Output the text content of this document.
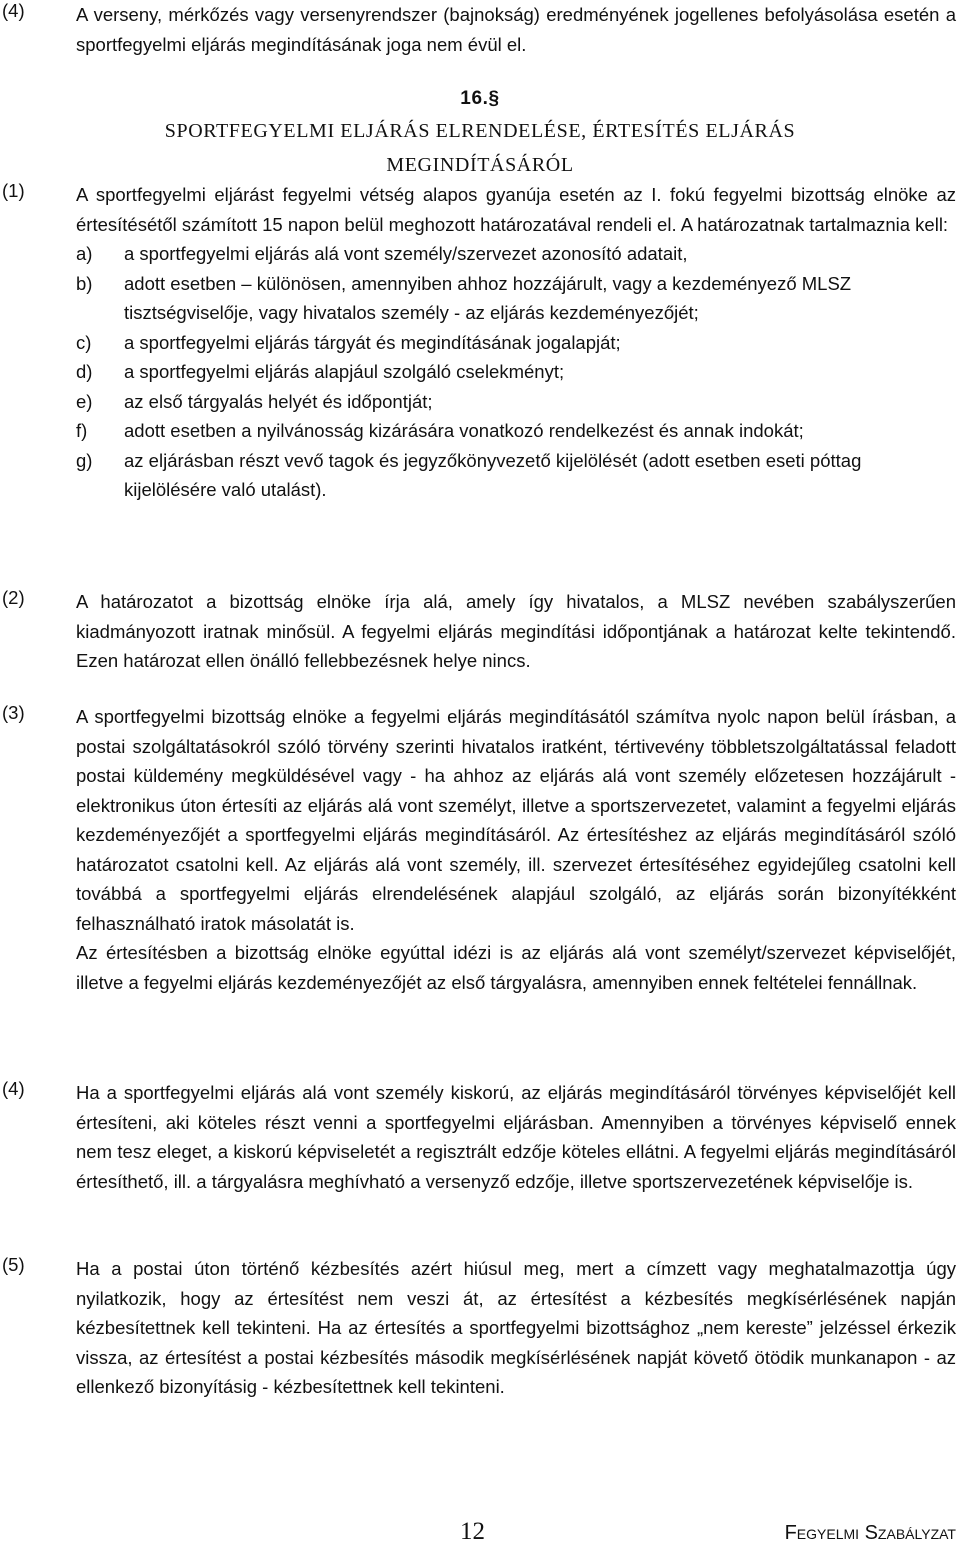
(4)	A verseny, mérkőzés vagy versenyrendszer (bajnokság) eredményének jogellenes befolyásolása esetén a sportfegyelmi eljárás megindításának joga nem évül el.

16.§
SPORTFEGYELMI ELJÁRÁS ELRENDELÉSE, ÉRTESÍTÉS ELJÁRÁS
MEGINDÍTÁSÁRÓL
(1)	A sportfegyelmi eljárást fegyelmi vétség alapos gyanúja esetén az I. fokú fegyelmi bizottság elnöke az értesítésétől számított 15 napon belül meghozott határozatával rendeli el. A határozatnak tartalmaznia kell:

a) a sportfegyelmi eljárás alá vont személy/szervezet azonosító adatait,
b) adott esetben – különösen, amennyiben ahhoz hozzájárult, vagy a kezdeményező MLSZ tisztségviselője, vagy hivatalos személy - az eljárás kezdeményezőjét;
c) a sportfegyelmi eljárás tárgyát és megindításának jogalapját;
d) a sportfegyelmi eljárás alapjául szolgáló cselekményt;
e) az első tárgyalás helyét és időpontját;
f) adott esetben a nyilvánosság kizárására vonatkozó rendelkezést és annak indokát;
g) az eljárásban részt vevő tagok és jegyzőkönyvezető kijelölését (adott esetben eseti póttag kijelölésére való utalást).
(2)	A határozatot a bizottság elnöke írja alá, amely így hivatalos, a MLSZ nevében szabályszerűen kiadmányozott iratnak minősül. A fegyelmi eljárás megindítási időpontjának a határozat kelte tekintendő. Ezen határozat ellen önálló fellebbezésnek helye nincs.

(3)	A sportfegyelmi bizottság elnöke a fegyelmi eljárás megindításától számítva nyolc napon belül írásban, a postai szolgáltatásokról szóló törvény szerinti hivatalos iratként, tértivevény többletszolgáltatással feladott postai küldemény megküldésével vagy - ha ahhoz az eljárás alá vont személy előzetesen hozzájárult - elektronikus úton értesíti az eljárás alá vont személyt, illetve a sportszervezetet, valamint a fegyelmi eljárás kezdeményezőjét a sportfegyelmi eljárás megindításáról. Az értesítéshez az eljárás megindításáról szóló határozatot csatolni kell. Az eljárás alá vont személy, ill. szervezet értesítéséhez egyidejűleg csatolni kell továbbá a sportfegyelmi eljárás elrendelésének alapjául szolgáló, az eljárás során bizonyítékként felhasználható iratok másolatát is.

Az értesítésben a bizottság elnöke egyúttal idézi is az eljárás alá vont személyt/szervezet képviselőjét, illetve a fegyelmi eljárás kezdeményezőjét az első tárgyalásra, amennyiben ennek feltételei fennállnak.

(4)	Ha a sportfegyelmi eljárás alá vont személy kiskorú, az eljárás megindításáról törvényes képviselőjét kell értesíteni, aki köteles részt venni a sportfegyelmi eljárásban. Amennyiben a törvényes képviselő ennek nem tesz eleget, a kiskorú képviseletét a regisztrált edzője köteles ellátni. A fegyelmi eljárás megindításáról értesíthető, ill. a tárgyalásra meghívható a versenyző edzője, illetve sportszervezetének képviselője is.

(5)	Ha a postai úton történő kézbesítés azért hiúsul meg, mert a címzett vagy meghatalmazottja úgy nyilatkozik, hogy az értesítést nem veszi át, az értesítést a kézbesítés megkísérlésének napján kézbesítettnek kell tekinteni. Ha az értesítés a sportfegyelmi bizottsághoz „nem kereste” jelzéssel érkezik vissza, az értesítést a postai kézbesítés második megkísérlésének napját követő ötödik munkanapon - az ellenkező bizonyításig - kézbesítettnek kell tekinteni.

12	Fegyelmi Szabályzat
